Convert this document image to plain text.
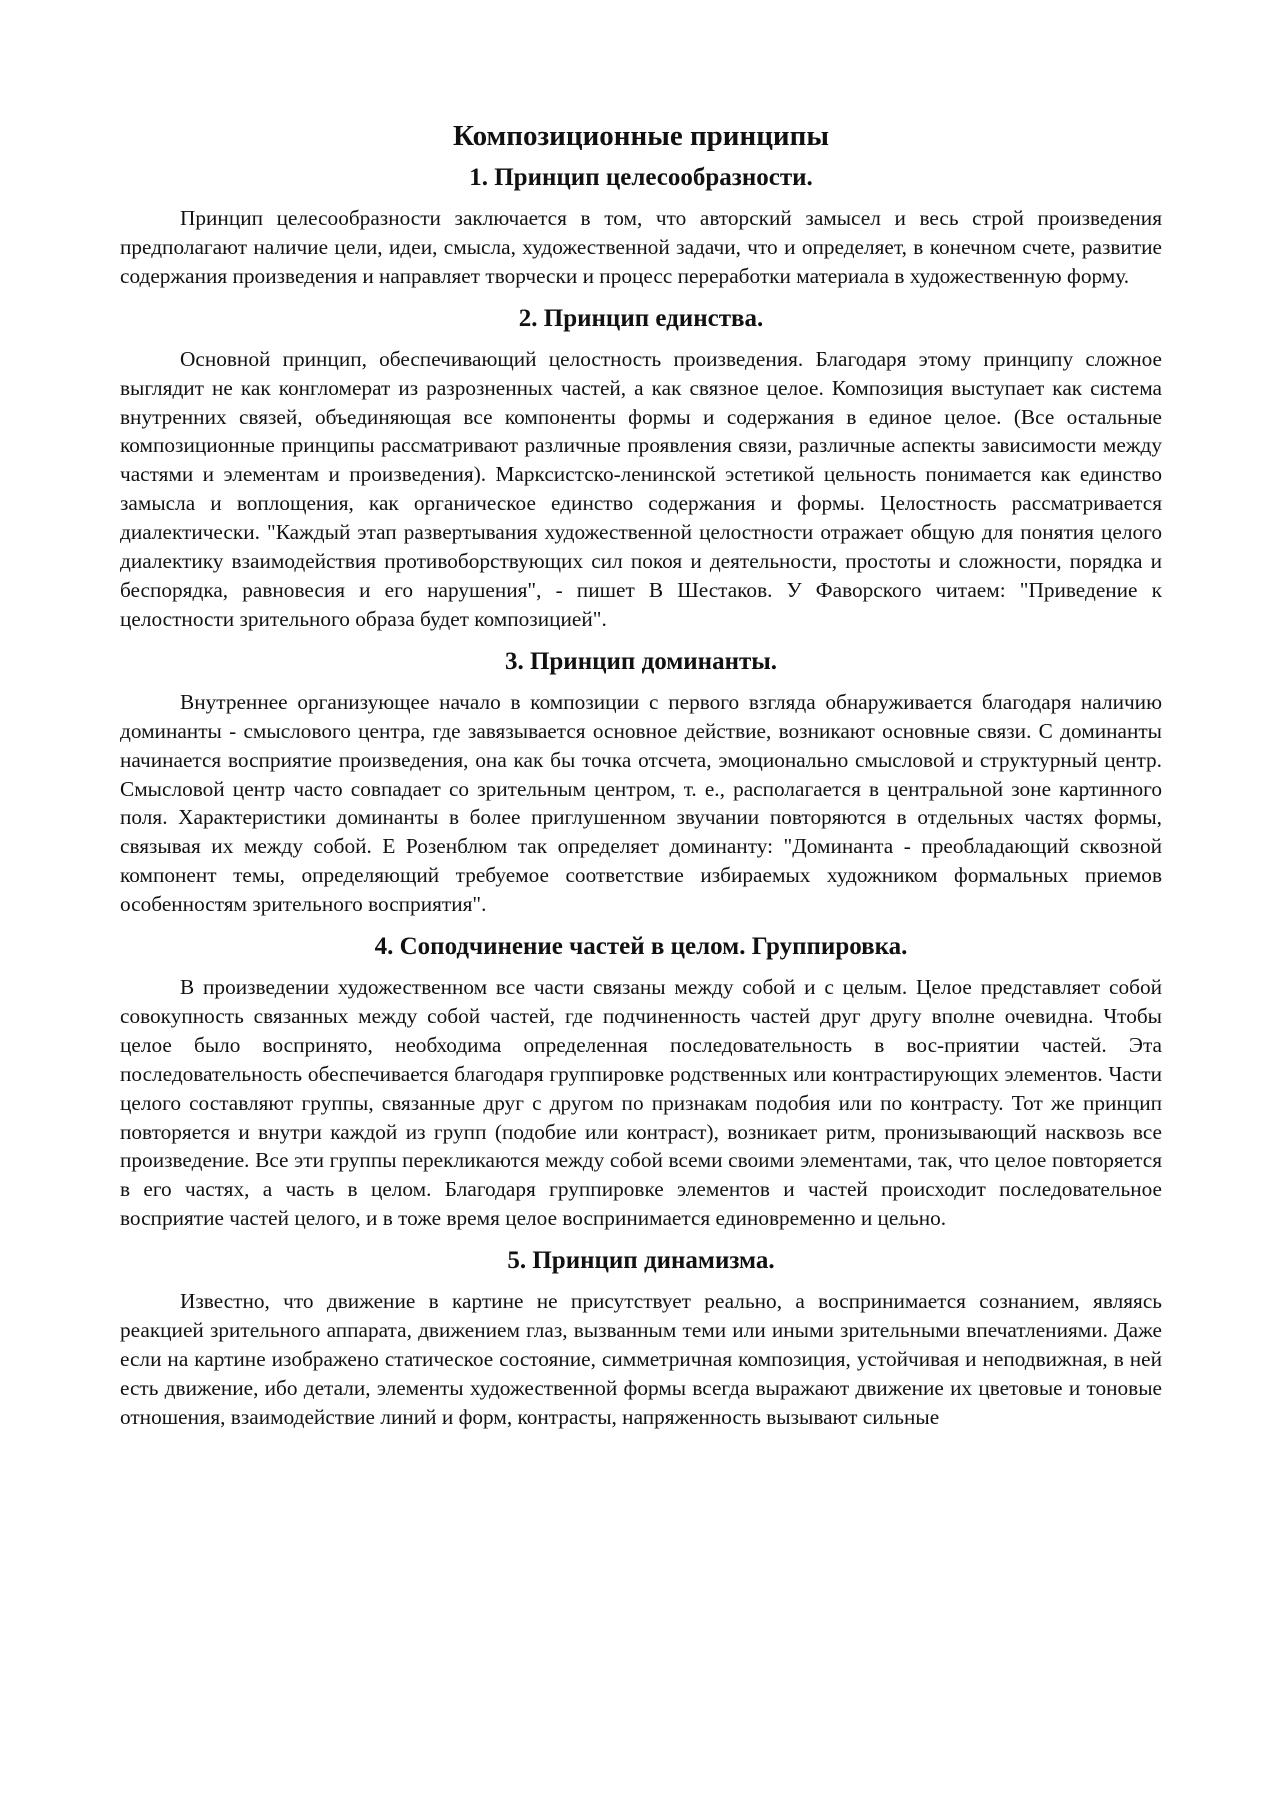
Композиционные принципы
1. Принцип целесообразности.

Принцип целесообразности заключается в том, что авторский замысел и весь строй произведения предполагают наличие цели, идеи, смысла, художественной задачи, что и определяет, в конечном счете, развитие содержания произведения и направляет творчески и процесс переработки материала в художественную форму.

2. Принцип единства.

Основной принцип, обеспечивающий целостность произведения. Благодаря этому принципу сложное выглядит не как конгломерат из разрозненных частей, а как связное целое. Композиция выступает как система внутренних связей, объединяющая все компоненты формы и содержания в единое целое. (Все остальные композиционные принципы рассматривают различные проявления связи, различные аспекты зависимости между частями и элементам и произведения). Марксистско-ленинской эстетикой цельность понимается как единство замысла и воплощения, как органическое единство содержания и формы. Целостность рассматривается диалектически. "Каждый этап развертывания художественной целостности отражает общую для понятия целого диалектику взаимодействия противоборствующих сил покоя и деятельности, простоты и сложности, порядка и беспорядка, равновесия и его нарушения", - пишет В Шестаков. У Фаворского читаем: "Приведение к целостности зрительного образа будет композицией".

3. Принцип доминанты.

Внутреннее организующее начало в композиции с первого взгляда обнаруживается благодаря наличию доминанты - смыслового центра, где завязывается основное действие, возникают основные связи. С доминанты начинается восприятие произведения, она как бы точка отсчета, эмоционально смысловой и структурный центр. Смысловой центр часто совпадает со зрительным центром, т. е., располагается в центральной зоне картинного поля. Характеристики доминанты в более приглушенном звучании повторяются в отдельных частях формы, связывая их между собой. Е Розенблюм так определяет доминанту: "Доминанта - преобладающий сквозной компонент темы, определяющий требуемое соответствие избираемых художником формальных приемов особенностям зрительного восприятия".

4. Соподчинение частей в целом. Группировка.

В произведении художественном все части связаны между собой и с целым. Целое представляет собой совокупность связанных между собой частей, где подчиненность частей друг другу вполне очевидна. Чтобы целое было воспринято, необходима определенная последовательность в вос-приятии частей. Эта последовательность обеспечивается благодаря группировке родственных или контрастирующих элементов. Части целого составляют группы, связанные друг с другом по признакам подобия или по контрасту. Тот же принцип повторяется и внутри каждой из групп (подобие или контраст), возникает ритм, пронизывающий насквозь все произведение. Все эти группы перекликаются между собой всеми своими элементами, так, что целое повторяется в его частях, а часть в целом. Благодаря группировке элементов и частей происходит последовательное восприятие частей целого, и в тоже время целое воспринимается единовременно и цельно.

5. Принцип динамизма.

Известно, что движение в картине не присутствует реально, а воспринимается сознанием, являясь реакцией зрительного аппарата, движением глаз, вызванным теми или иными зрительными впечатлениями. Даже если на картине изображено статическое состояние, симметричная композиция, устойчивая и неподвижная, в ней есть движение, ибо детали, элементы художественной формы всегда выражают движение их цветовые и тоновые отношения, взаимодействие линий и форм, контрасты, напряженность вызывают сильные
